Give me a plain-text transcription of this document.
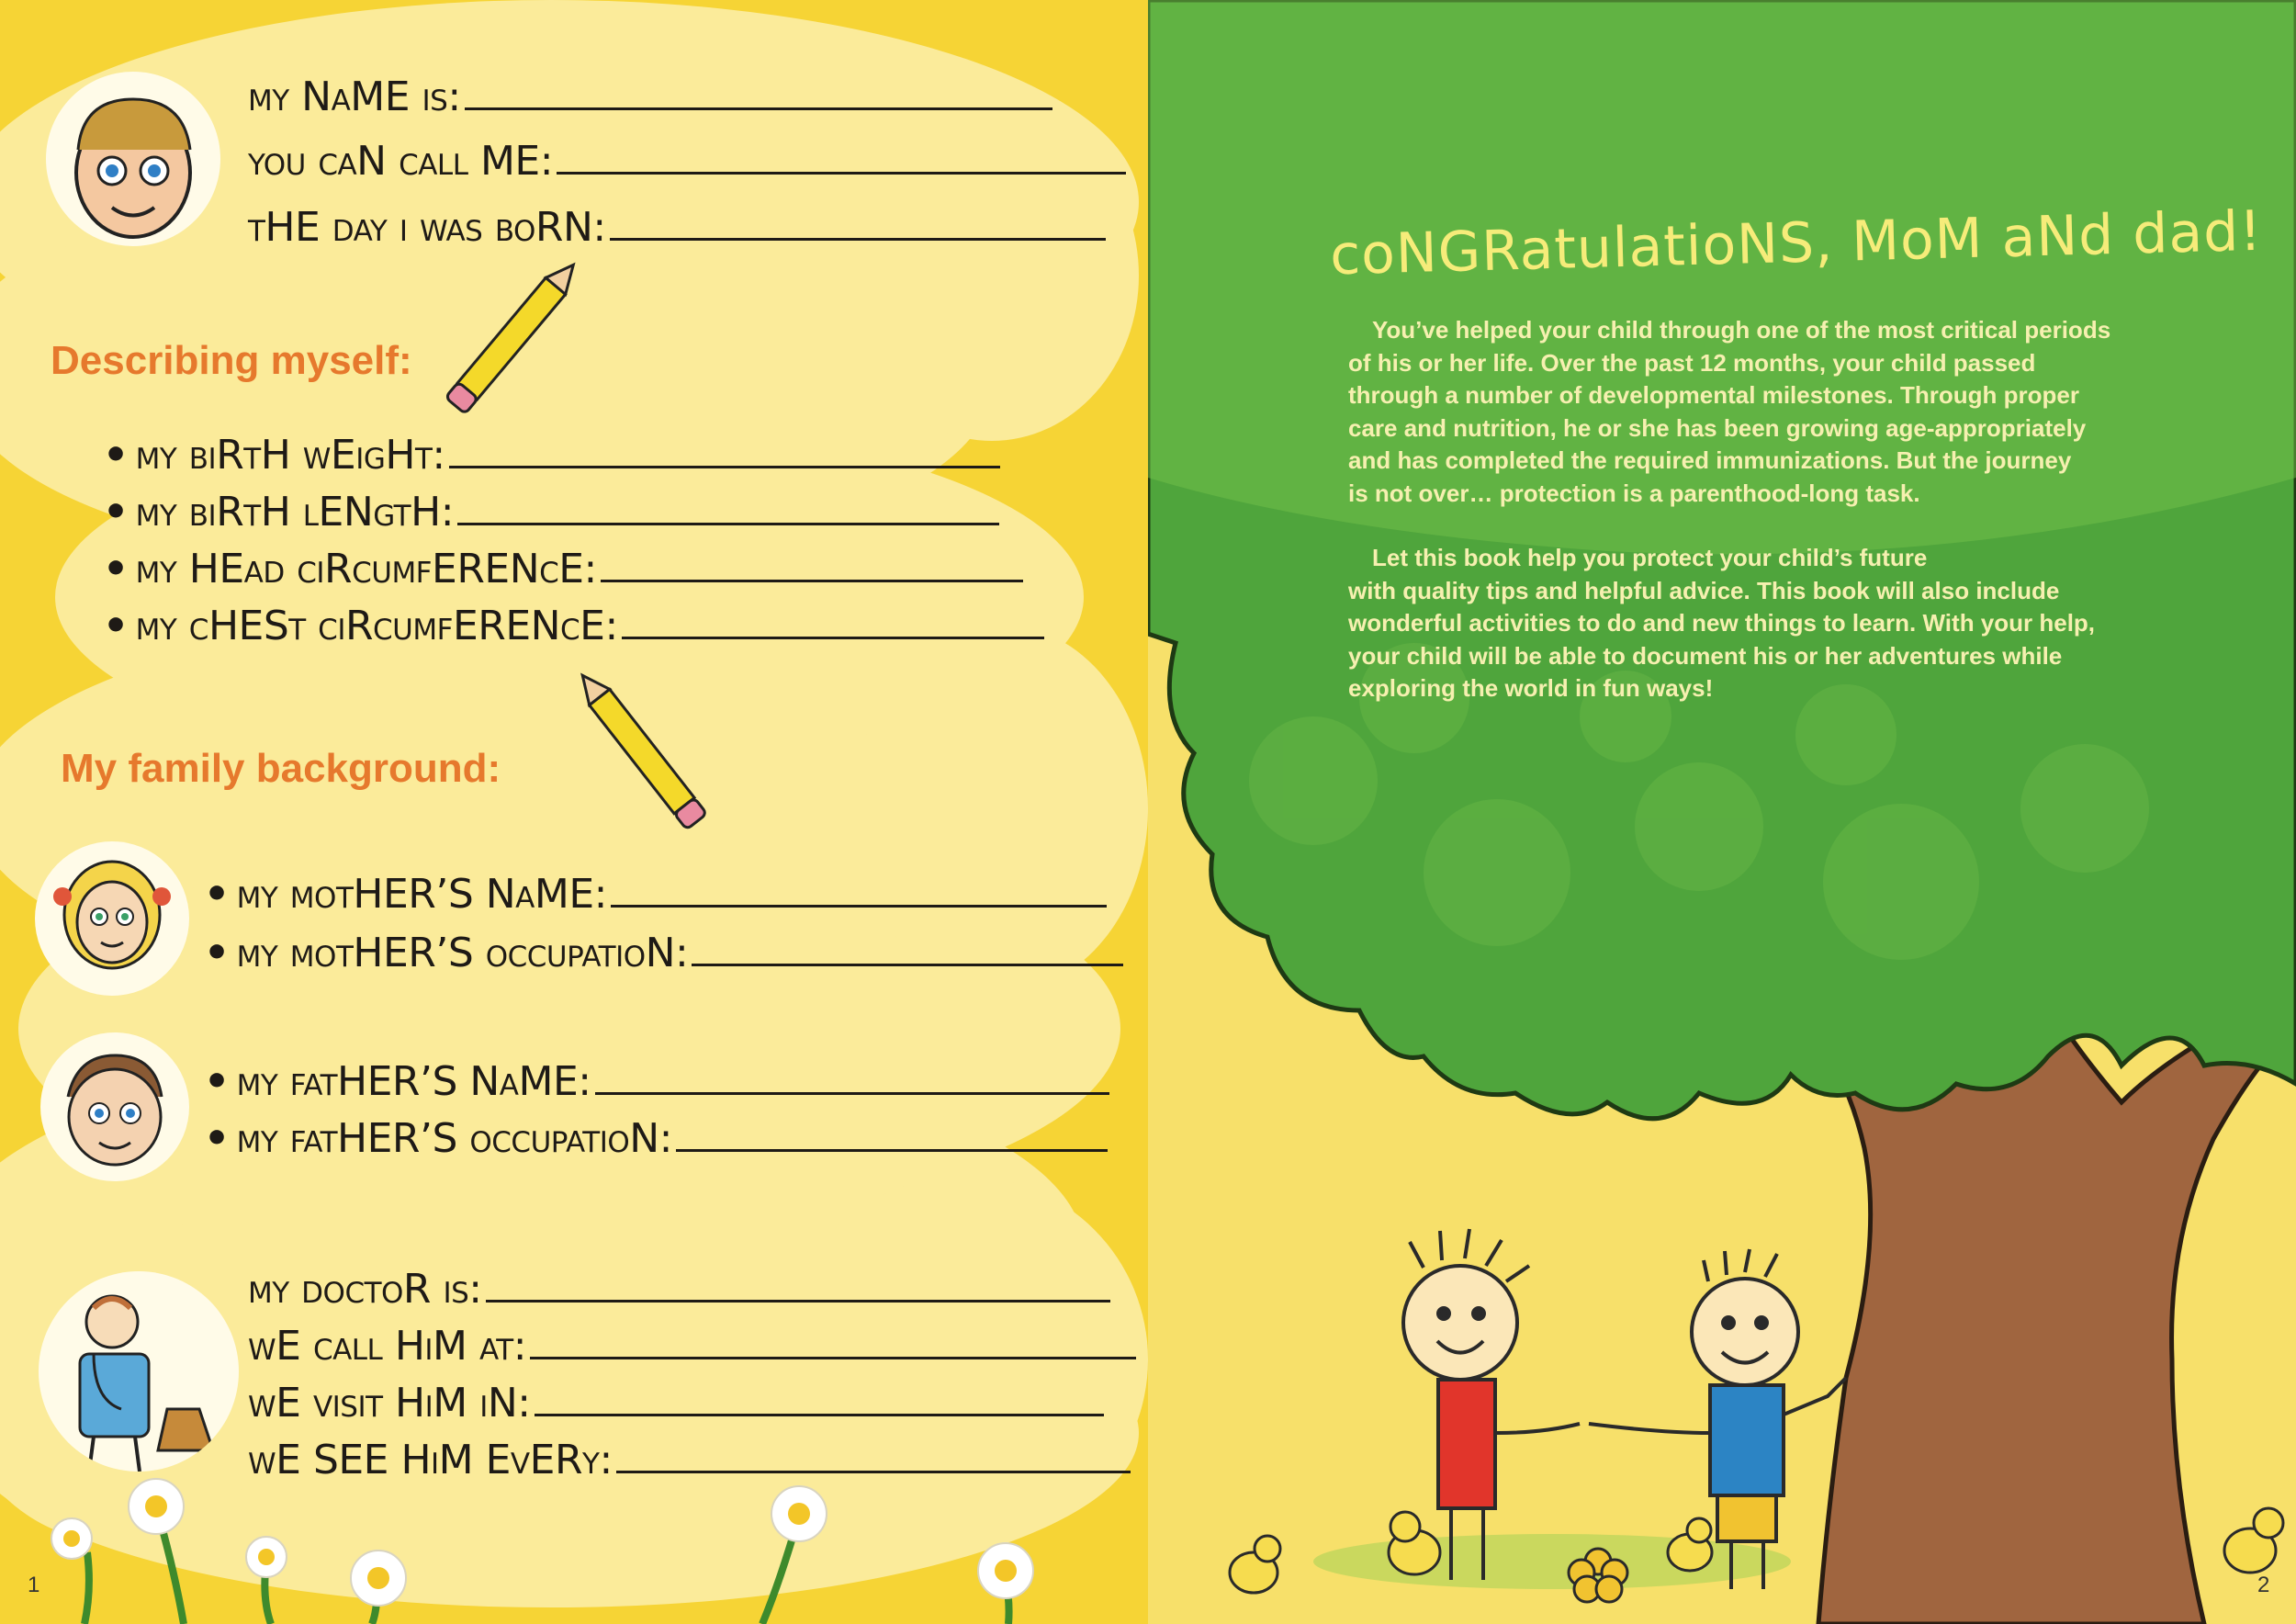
my NaME is:
you caN call ME:
tHE day i was boRN:
Describing myself:
• my biRtH wEigHt:
• my biRtH lENgtH:
• my HEad ciRcumfERENcE:
• my cHESt ciRcumfERENcE:
My family background:
• my motHER’S NaME:
• my motHER’S occupatioN:
• my fatHER’S NaME:
• my fatHER’S occupatioN:
my doctoR is:
wE call HiM at:
wE visit HiM iN:
wE SEE HiM EvERy:
1
coNGRatulatioNS, MoM aNd dad!
You’ve helped your child through one of the most critical periods
of his or her life. Over the past 12 months, your child passed
through a number of developmental milestones. Through proper
care and nutrition, he or she has been growing age-appropriately
and has completed the required immunizations. But the journey
is not over… protection is a parenthood-long task.
Let this book help you protect your child’s future
with quality tips and helpful advice. This book will also include
wonderful activities to do and new things to learn. With your help,
your child will be able to document his or her adventures while
exploring the world in fun ways!
2
